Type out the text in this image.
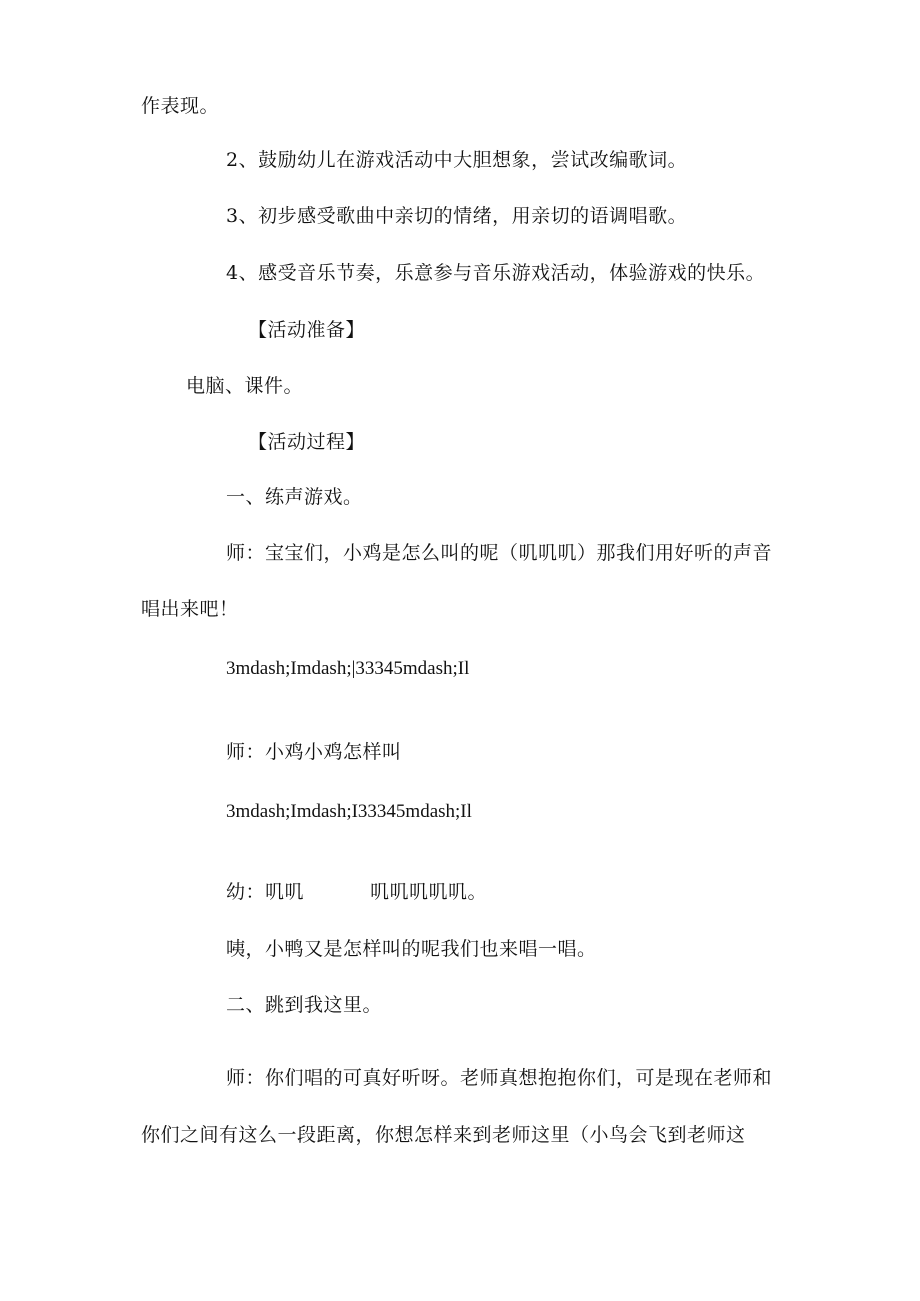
作表现。
2、鼓励幼儿在游戏活动中大胆想象，尝试改编歌词。
3、初步感受歌曲中亲切的情绪，用亲切的语调唱歌。
4、感受音乐节奏，乐意参与音乐游戏活动，体验游戏的快乐。
【活动准备】
电脑、课件。
【活动过程】
一、练声游戏。
师：宝宝们，小鸡是怎么叫的呢（叽叽叽）那我们用好听的声音
唱出来吧！
3mdash;Imdash;|33345mdash;Il
师：小鸡小鸡怎样叫
3mdash;Imdash;I33345mdash;Il
幼：叽叽	叽叽叽叽叽。
咦，小鸭又是怎样叫的呢我们也来唱一唱。
二、跳到我这里。
师：你们唱的可真好听呀。老师真想抱抱你们，可是现在老师和
你们之间有这么一段距离，你想怎样来到老师这里（小鸟会飞到老师这
